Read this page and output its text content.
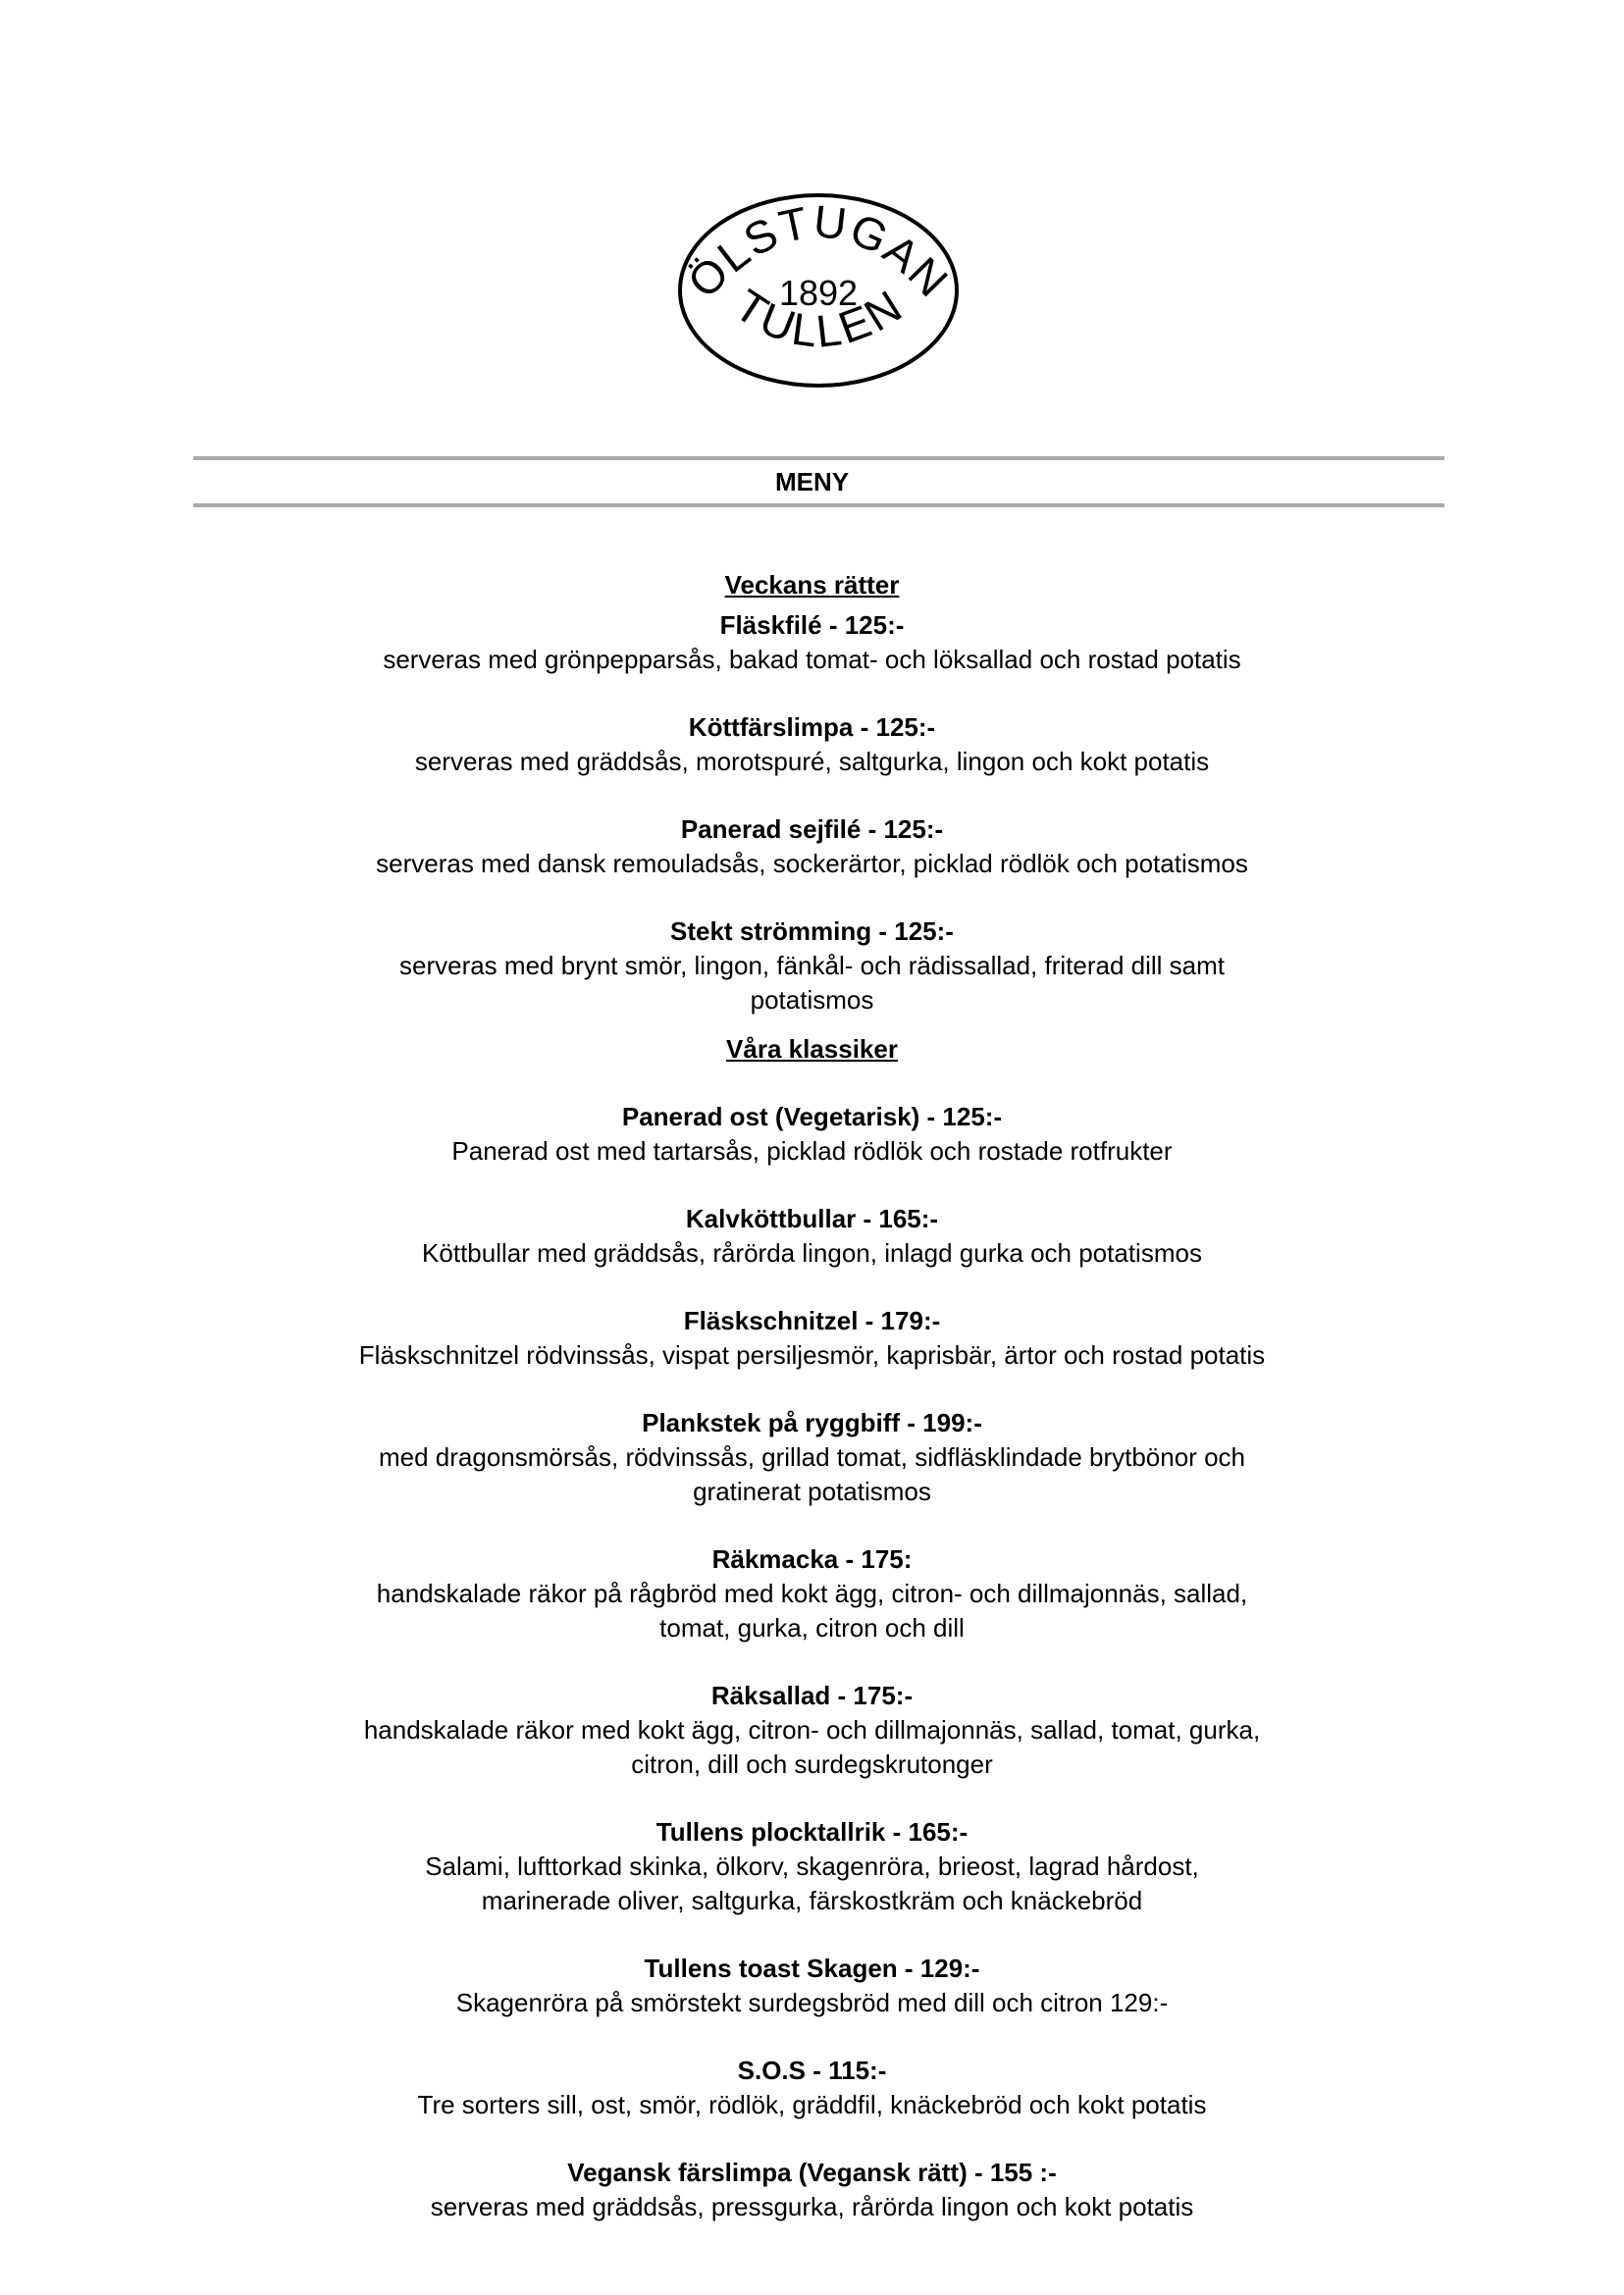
ÖLSTUGAN
1892
TULLEN
MENY

Veckans rätter

Fläskfilé - 125:-

serveras med grönpepparsås, bakad tomat- och löksallad och rostad potatis

Köttfärslimpa - 125:-

serveras med gräddsås, morotspuré, saltgurka, lingon och kokt potatis

Panerad sejfilé - 125:-

serveras med dansk remouladsås, sockerärtor, picklad rödlök och potatismos

Stekt strömming - 125:-

serveras med brynt smör, lingon, fänkål- och rädissallad, friterad dill samt potatismos

Våra klassiker

Panerad ost (Vegetarisk) - 125:-

Panerad ost med tartarsås, picklad rödlök och rostade rotfrukter

Kalvköttbullar - 165:-

Köttbullar med gräddsås, rårörda lingon, inlagd gurka och potatismos

Fläskschnitzel - 179:-

Fläskschnitzel rödvinssås, vispat persiljesmör, kaprisbär, ärtor och rostad potatis

Plankstek på ryggbiff - 199:-

med dragonsmörsås, rödvinssås, grillad tomat, sidfläsklindade brytbönor och gratinerat potatismos

Räkmacka - 175:

handskalade räkor på rågbröd med kokt ägg, citron- och dillmajonnäs, sallad, tomat, gurka, citron och dill

Räksallad - 175:-

handskalade räkor med kokt ägg, citron- och dillmajonnäs, sallad, tomat, gurka, citron, dill och surdegskrutonger

Tullens plocktallrik - 165:-

Salami, lufttorkad skinka, ölkorv, skagenröra, brieost, lagrad hårdost, marinerade oliver, saltgurka, färskostkräm och knäckebröd

Tullens toast Skagen - 129:-

Skagenröra på smörstekt surdegsbröd med dill och citron 129:-

S.O.S - 115:-

Tre sorters sill, ost, smör, rödlök, gräddfil, knäckebröd och kokt potatis

Vegansk färslimpa (Vegansk rätt) - 155 :-

serveras med gräddsås, pressgurka, rårörda lingon och kokt potatis
